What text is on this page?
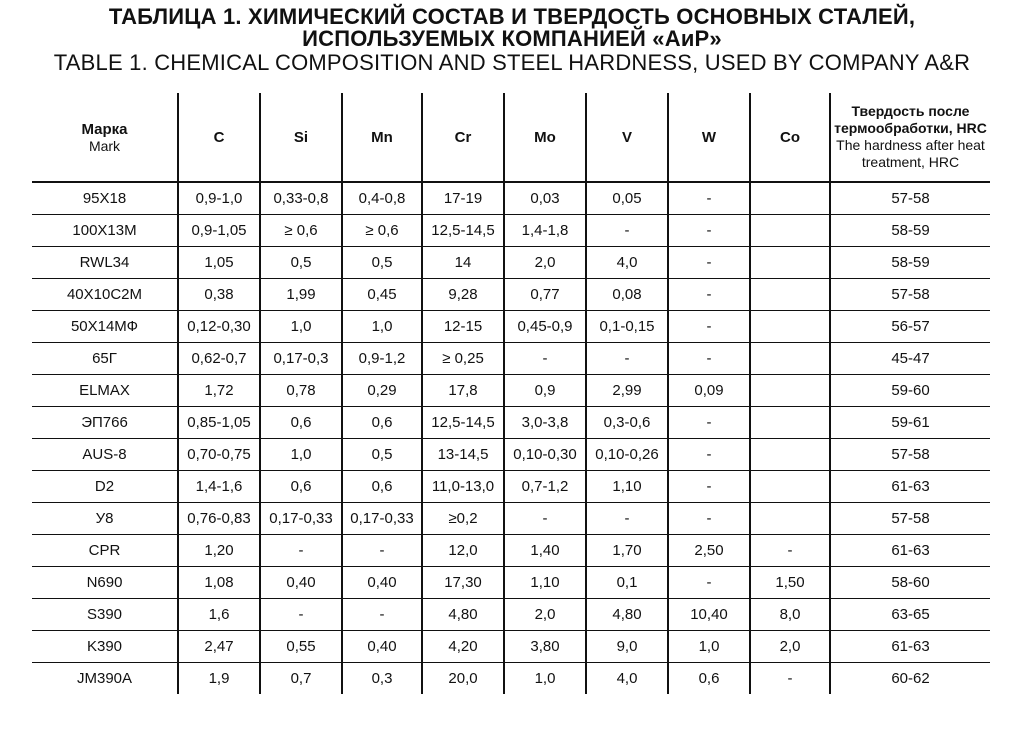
ТАБЛИЦА 1. ХИМИЧЕСКИЙ СОСТАВ И ТВЕРДОСТЬ ОСНОВНЫХ СТАЛЕЙ,

ИСПОЛЬЗУЕМЫХ КОМПАНИЕЙ «АиР»

TABLE 1. CHEMICAL COMPOSITION AND STEEL HARDNESS, USED BY COMPANY A&R

Марка
Mark	C	Si	Mn	Cr	Mo	V	W	Co	Твердость после термообработки, HRC
The hardness after heat treatment, HRC

95Х18	0,9-1,0	0,33-0,8	0,4-0,8	17-19	0,03	0,05	-		57-58
100Х13М	0,9-1,05	≥ 0,6	≥ 0,6	12,5-14,5	1,4-1,8	-	-		58-59
RWL34	1,05	0,5	0,5	14	2,0	4,0	-		58-59
40Х10С2М	0,38	1,99	0,45	9,28	0,77	0,08	-		57-58
50Х14МФ	0,12-0,30	1,0	1,0	12-15	0,45-0,9	0,1-0,15	-		56-57
65Г	0,62-0,7	0,17-0,3	0,9-1,2	≥ 0,25	-	-	-		45-47
ELMAX	1,72	0,78	0,29	17,8	0,9	2,99	0,09		59-60
ЭП766	0,85-1,05	0,6	0,6	12,5-14,5	3,0-3,8	0,3-0,6	-		59-61
AUS-8	0,70-0,75	1,0	0,5	13-14,5	0,10-0,30	0,10-0,26	-		57-58
D2	1,4-1,6	0,6	0,6	11,0-13,0	0,7-1,2	1,10	-		61-63
У8	0,76-0,83	0,17-0,33	0,17-0,33	≥0,2	-	-	-		57-58
CPR	1,20	-	-	12,0	1,40	1,70	2,50	-	61-63
N690	1,08	0,40	0,40	17,30	1,10	0,1	-	1,50	58-60
S390	1,6	-	-	4,80	2,0	4,80	10,40	8,0	63-65
K390	2,47	0,55	0,40	4,20	3,80	9,0	1,0	2,0	61-63
JM390A	1,9	0,7	0,3	20,0	1,0	4,0	0,6	-	60-62
